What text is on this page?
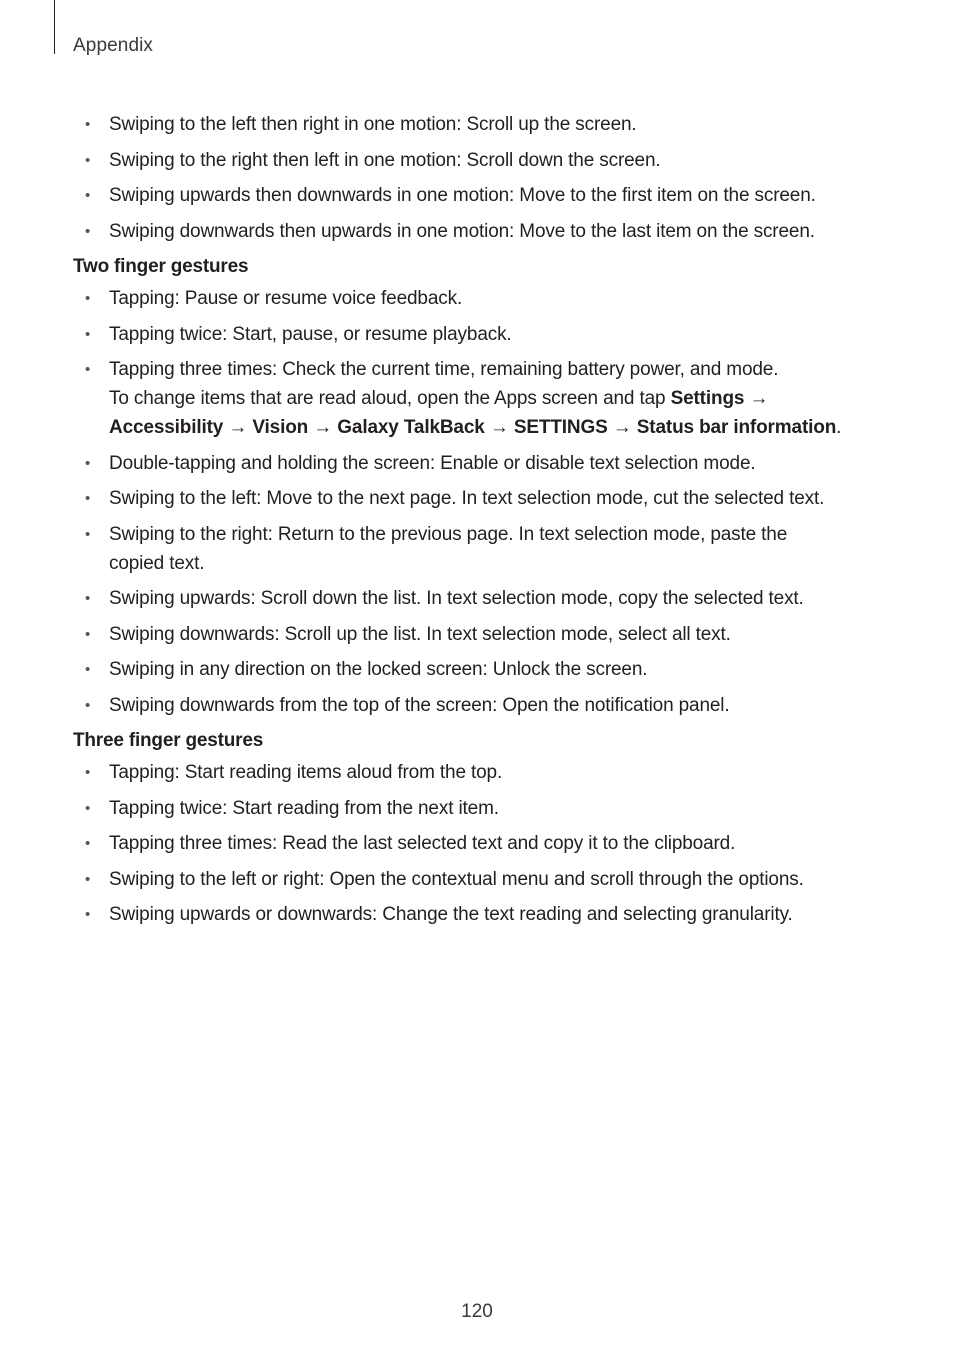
Appendix
• Swiping to the left then right in one motion: Scroll up the screen.
• Swiping to the right then left in one motion: Scroll down the screen.
• Swiping upwards then downwards in one motion: Move to the first item on the screen.
• Swiping downwards then upwards in one motion: Move to the last item on the screen.
Two finger gestures
• Tapping: Pause or resume voice feedback.
• Tapping twice: Start, pause, or resume playback.
• Tapping three times: Check the current time, remaining battery power, and mode.
To change items that are read aloud, open the Apps screen and tap Settings →
Accessibility → Vision → Galaxy TalkBack → SETTINGS → Status bar information.
• Double-tapping and holding the screen: Enable or disable text selection mode.
• Swiping to the left: Move to the next page. In text selection mode, cut the selected text.
• Swiping to the right: Return to the previous page. In text selection mode, paste the
copied text.
• Swiping upwards: Scroll down the list. In text selection mode, copy the selected text.
• Swiping downwards: Scroll up the list. In text selection mode, select all text.
• Swiping in any direction on the locked screen: Unlock the screen.
• Swiping downwards from the top of the screen: Open the notification panel.
Three finger gestures
• Tapping: Start reading items aloud from the top.
• Tapping twice: Start reading from the next item.
• Tapping three times: Read the last selected text and copy it to the clipboard.
• Swiping to the left or right: Open the contextual menu and scroll through the options.
• Swiping upwards or downwards: Change the text reading and selecting granularity.
120
